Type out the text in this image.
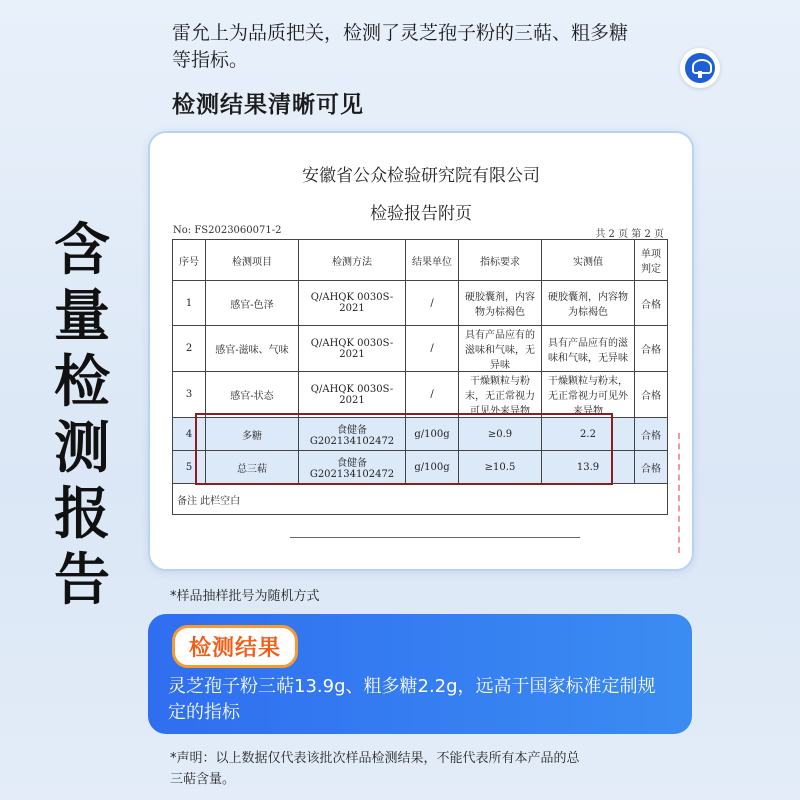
雷允上为品质把关，检测了灵芝孢子粉的三萜、粗多糖等指标。
检测结果清晰可见
含
量
检
测
报
告
安徽省公众检验研究院有限公司
检验报告附页
No: FS2023060071-2	共 2 页 第 2 页
序号	检测项目	检测方法	结果单位	指标要求	实测值	单项判定
1	感官-色泽	Q/AHQK 0030S-2021	/	硬胶囊剂，内容物为棕褐色	硬胶囊剂，内容物为棕褐色	合格
2	感官-滋味、气味	Q/AHQK 0030S-2021	/	具有产品应有的滋味和气味，无异味	具有产品应有的滋味和气味，无异味	合格
3	感官-状态	Q/AHQK 0030S-2021	/	干燥颗粒与粉末，无正常视力可见外来异物	干燥颗粒与粉末，无正常视力可见外来异物	合格
4	多糖	食健备 G202134102472	g/100g	≥0.9	2.2	合格
5	总三萜	食健备 G202134102472	g/100g	≥10.5	13.9	合格
备注 此栏空白						
*样品抽样批号为随机方式
检测结果
灵芝孢子粉三萜13.9g、粗多糖2.2g，远高于国家标准定制规定的指标
*声明：以上数据仅代表该批次样品检测结果，不能代表所有本产品的总三萜含量。
